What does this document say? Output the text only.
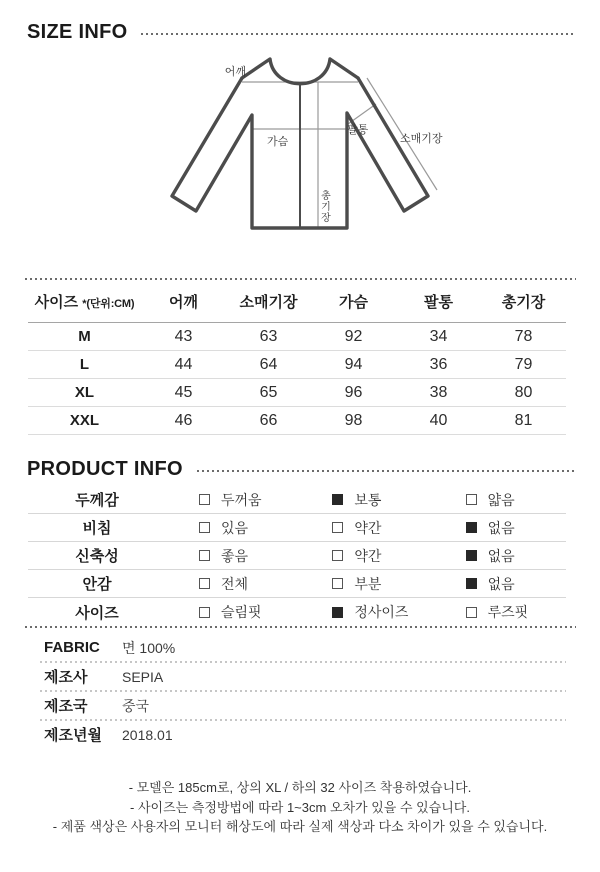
SIZE INFO
어깨
가슴
팔통
소매기장
총
기
장
사이즈 *(단위:CM)	어깨	소매기장	가슴	팔통	총기장
M	43	63	92	34	78
L	44	64	94	36	79
XL	45	65	96	38	80
XXL	46	66	98	40	81
PRODUCT INFO
두께감	두꺼움	보통	얇음
비침	있음	약간	없음
신축성	좋음	약간	없음
안감	전체	부분	없음
사이즈	슬림핏	정사이즈	루즈핏
FABRIC	면 100%
제조사	SEPIA
제조국	중국
제조년월	2018.01

- 모델은 185cm로, 상의 XL / 하의 32 사이즈 착용하였습니다.

- 사이즈는 측정방법에 따라 1~3cm 오차가 있을 수 있습니다.

- 제품 색상은 사용자의 모니터 해상도에 따라 실제 색상과 다소 차이가 있을 수 있습니다.
